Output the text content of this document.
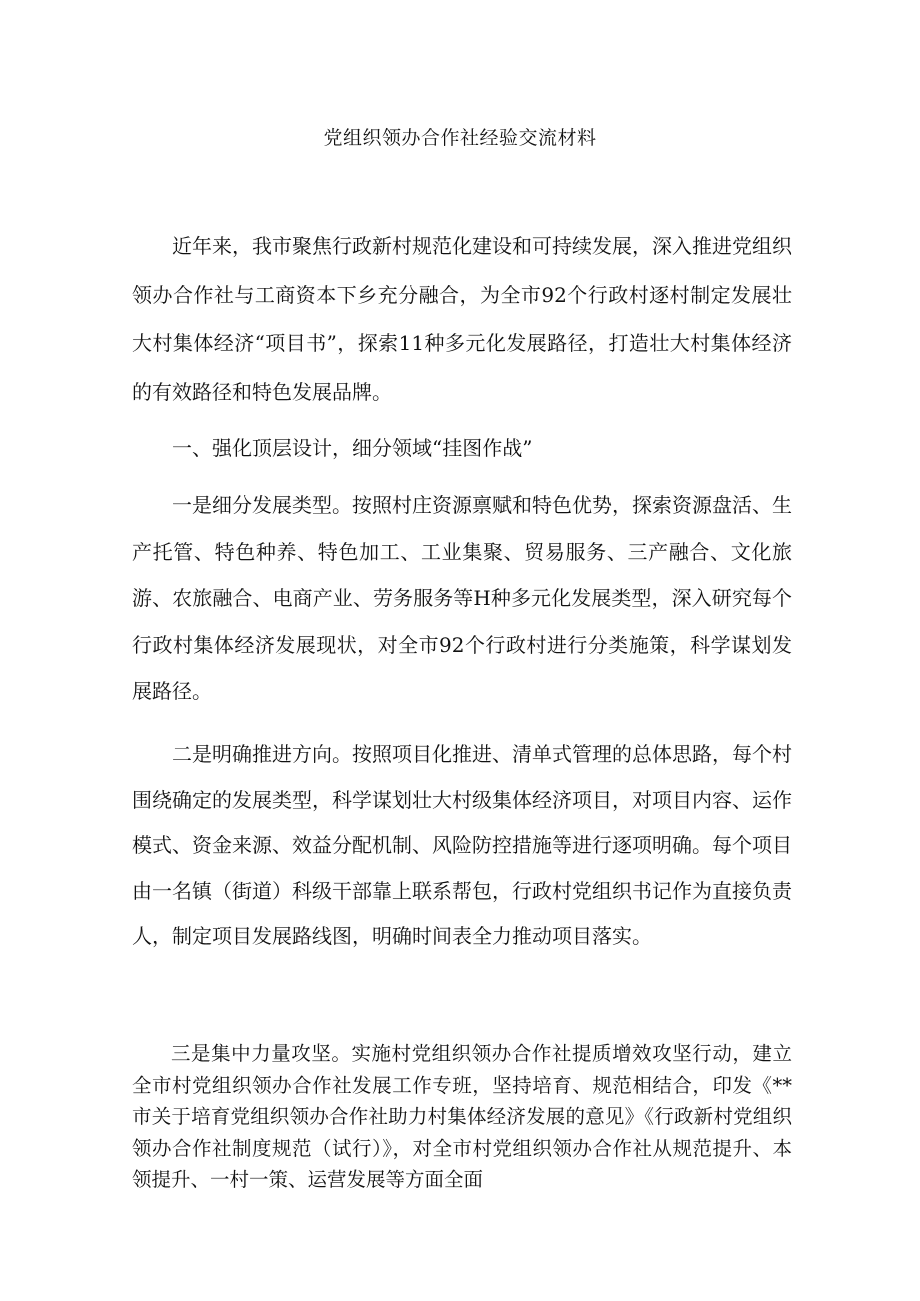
党组织领办合作社经验交流材料

近年来，我市聚焦行政新村规范化建设和可持续发展，深入推进党组织领办合作社与工商资本下乡充分融合，为全市92个行政村逐村制定发展壮大村集体经济“项目书”，探索11种多元化发展路径，打造壮大村集体经济的有效路径和特色发展品牌。

一、强化顶层设计，细分领域“挂图作战”

一是细分发展类型。按照村庄资源禀赋和特色优势，探索资源盘活、生产托管、特色种养、特色加工、工业集聚、贸易服务、三产融合、文化旅游、农旅融合、电商产业、劳务服务等H种多元化发展类型，深入研究每个行政村集体经济发展现状，对全市92个行政村进行分类施策，科学谋划发展路径。

二是明确推进方向。按照项目化推进、清单式管理的总体思路，每个村围绕确定的发展类型，科学谋划壮大村级集体经济项目，对项目内容、运作模式、资金来源、效益分配机制、风险防控措施等进行逐项明确。每个项目由一名镇（街道）科级干部靠上联系帮包，行政村党组织书记作为直接负责人，制定项目发展路线图，明确时间表全力推动项目落实。

三是集中力量攻坚。实施村党组织领办合作社提质增效攻坚行动，建立全市村党组织领办合作社发展工作专班，坚持培育、规范相结合，印发《**市关于培育党组织领办合作社助力村集体经济发展的意见》《行政新村党组织领办合作社制度规范（试行）》，对全市村党组织领办合作社从规范提升、本领提升、一村一策、运营发展等方面全面
